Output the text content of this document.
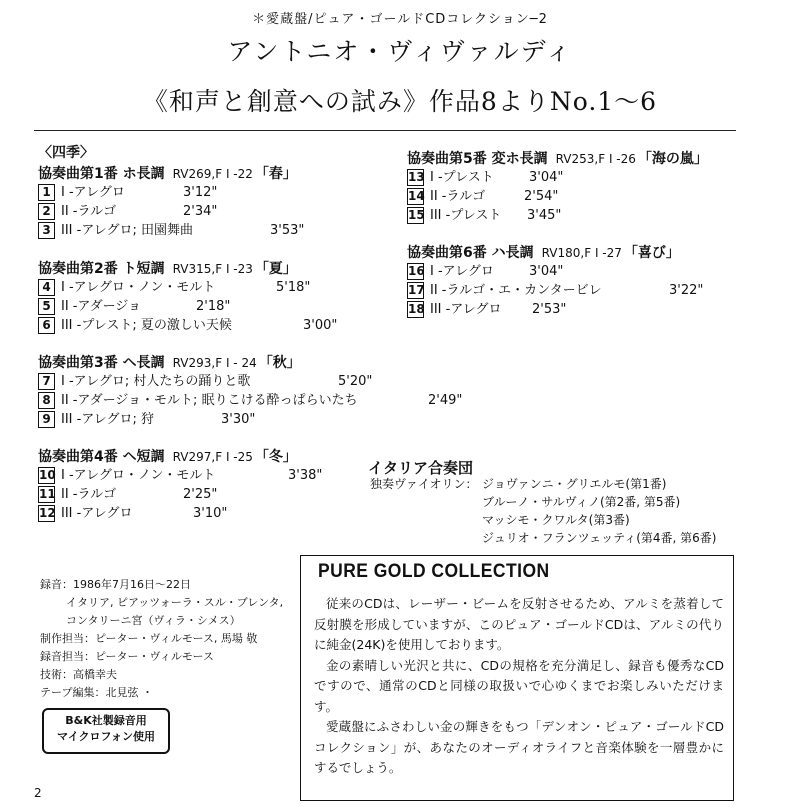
＊愛蔵盤/ピュア・ゴールドCDコレクション─2
アントニオ・ヴィヴァルディ
《和声と創意への試み》作品8よりNo.1～6
〈四季〉
協奏曲第1番 ホ長調 RV269,F I -22 「春」
1 I -アレグロ	3'12"
2 II -ラルゴ	2'34"
3 III -アレグロ; 田園舞曲	3'53"
協奏曲第2番 ト短調 RV315,F I -23 「夏」
4 I -アレグロ・ノン・モルト	5'18"
5 II -アダージョ	2'18"
6 III -プレスト; 夏の激しい天候	3'00"
協奏曲第3番 ヘ長調 RV293,F I - 24 「秋」
7 I -アレグロ; 村人たちの踊りと歌	5'20"
8 II -アダージョ・モルト; 眠りこける酔っぱらいたち	2'49"
9 III -アレグロ; 狩	3'30"
協奏曲第4番 ヘ短調 RV297,F I -25 「冬」
10 I -アレグロ・ノン・モルト	3'38"
11 II -ラルゴ	2'25"
12 III -アレグロ	3'10"
協奏曲第5番 変ホ長調 RV253,F I -26 「海の嵐」
13 I -プレスト	3'04"
14 II -ラルゴ	2'54"
15 III -プレスト 3'45"
協奏曲第6番 ハ長調 RV180,F I -27 「喜び」
16 I -アレグロ	3'04"
17 II -ラルゴ・エ・カンタービレ	3'22"
18 III -アレグロ 2'53"
イタリア合奏団
独奏ヴァイオリン： ジョヴァンニ・グリエルモ(第1番)
ブルーノ・サルヴィノ(第2番, 第5番)
マッシモ・クワルタ(第3番)
ジュリオ・フランツェッティ(第4番, 第6番)
録音：1986年7月16日～22日
イタリア, ピアッツォーラ・スル・ブレンタ,
コンタリーニ宮（ヴィラ・シメス）
制作担当：ピーター・ヴィルモース, 馬場 敬
録音担当：ピーター・ヴィルモース
技術：高橋幸夫
テープ編集：北見弦 ・
B&K社製録音用
マイクロフォン使用
PURE GOLD COLLECTION

従来のCDは、レーザー・ビームを反射させるため、アルミを蒸着して反射膜を形成していますが、このピュア・ゴールドCDは、アルミの代りに純金(24K)を使用しております。

金の素晴しい光沢と共に、CDの規格を充分満足し、録音も優秀なCDですので、通常のCDと同様の取扱いで心ゆくまでお楽しみいただけます。

愛蔵盤にふさわしい金の輝きをもつ「デンオン・ピュア・ゴールドCDコレクション」が、あなたのオーディオライフと音楽体験を一層豊かにするでしょう。

2
